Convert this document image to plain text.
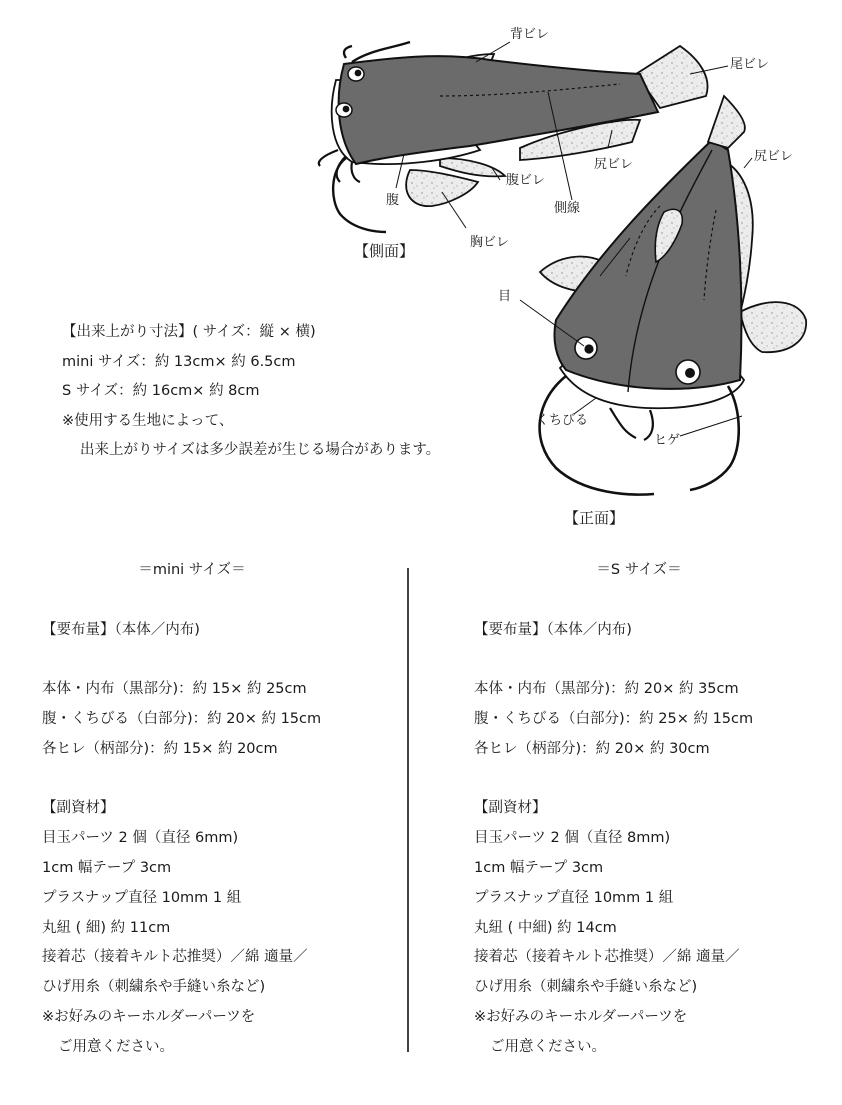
背ビレ
尾ビレ
尻ビレ
腹ビレ
腹
側線
胸ビレ
【側面】
尻ビレ
目
くちびる
ヒゲ
【正面】
【出来上がり寸法】( サイズ：縦 × 横)
mini サイズ：約 13cm× 約 6.5cm
S サイズ：約 16cm× 約 8cm
※使用する生地によって、
出来上がりサイズは多少誤差が生じる場合があります。
＝mini サイズ＝
【要布量】（本体／内布)
本体・内布（黒部分)：約 15× 約 25cm
腹・くちびる（白部分)：約 20× 約 15cm
各ヒレ（柄部分)：約 15× 約 20cm
【副資材】
目玉パーツ 2 個（直径 6mm)
1cm 幅テープ 3cm
プラスナップ直径 10mm 1 組
丸紐 ( 細) 約 11cm
接着芯（接着キルト芯推奨）／綿 適量／
ひげ用糸（刺繍糸や手縫い糸など)
※お好みのキーホルダーパーツを
ご用意ください。
＝S サイズ＝
【要布量】（本体／内布)
本体・内布（黒部分)：約 20× 約 35cm
腹・くちびる（白部分)：約 25× 約 15cm
各ヒレ（柄部分)：約 20× 約 30cm
【副資材】
目玉パーツ 2 個（直径 8mm)
1cm 幅テープ 3cm
プラスナップ直径 10mm 1 組
丸紐 ( 中細) 約 14cm
接着芯（接着キルト芯推奨）／綿 適量／
ひげ用糸（刺繍糸や手縫い糸など)
※お好みのキーホルダーパーツを
ご用意ください。
